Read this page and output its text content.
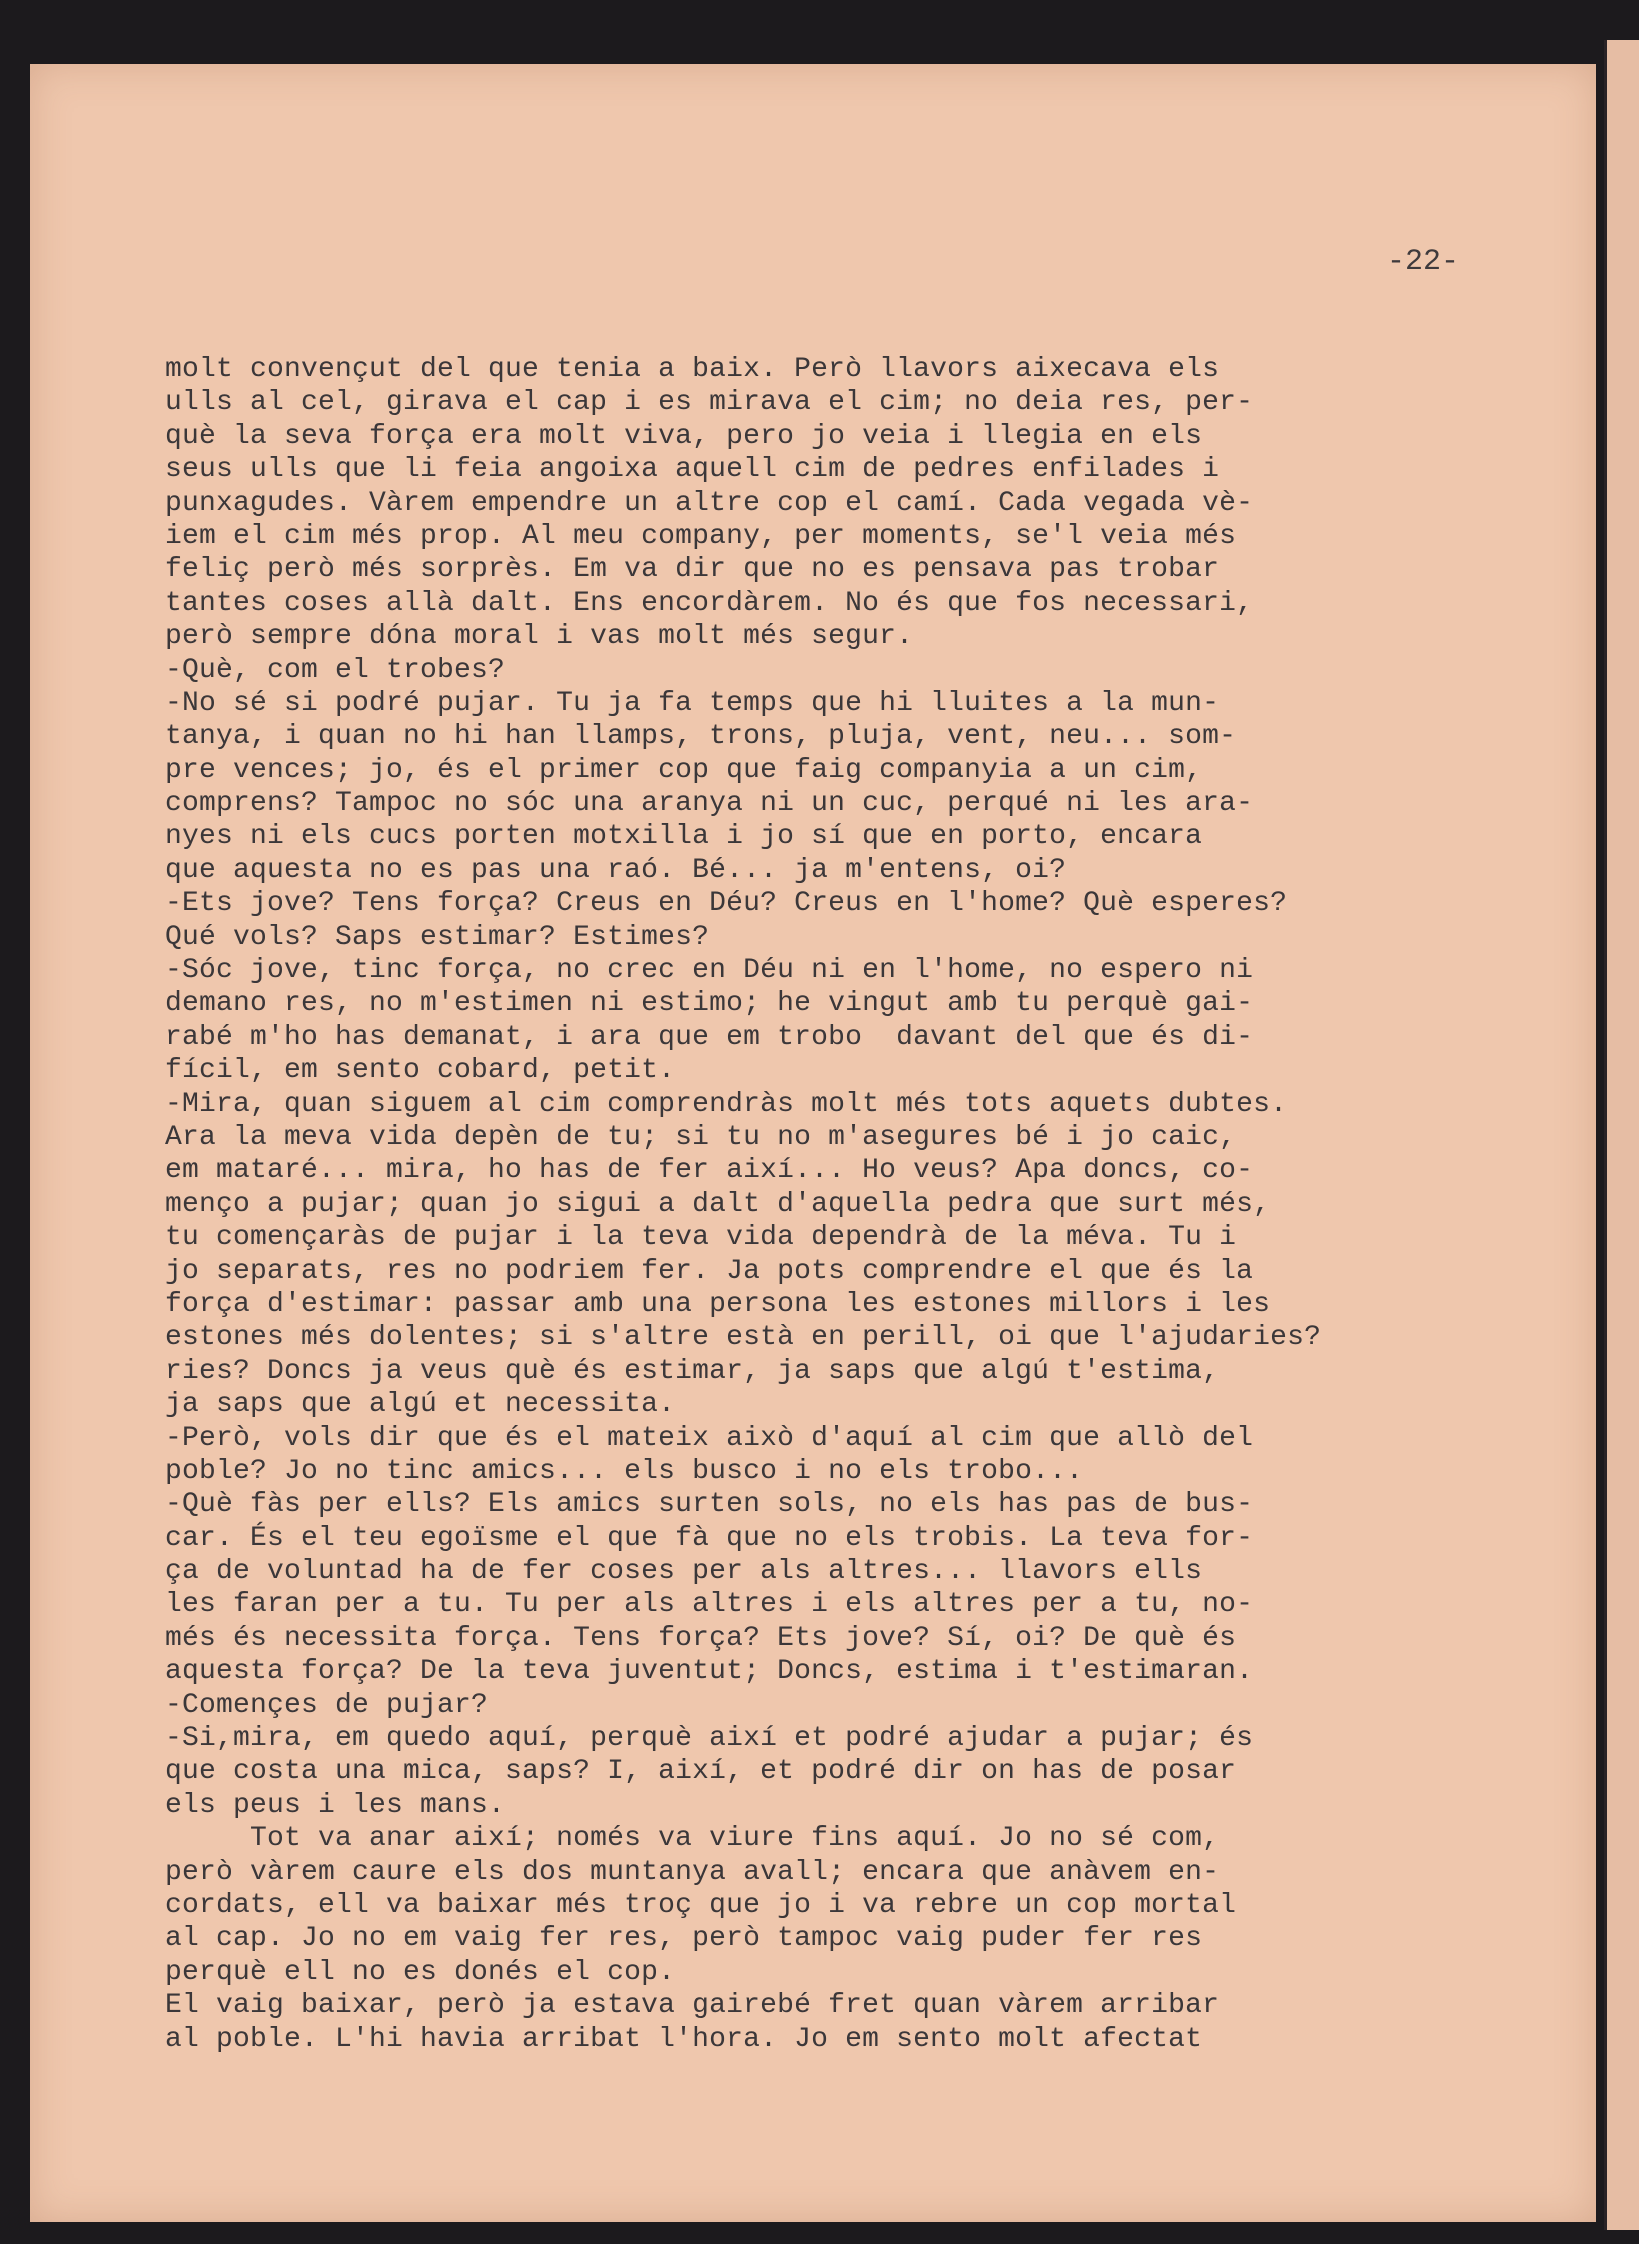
-22-

molt convençut del que tenia a baix. Però llavors aixecava els
ulls al cel, girava el cap i es mirava el cim; no deia res, per-
què la seva força era molt viva, pero jo veia i llegia en els
seus ulls que li feia angoixa aquell cim de pedres enfilades i
punxagudes. Vàrem empendre un altre cop el camí. Cada vegada vè-
iem el cim més prop. Al meu company, per moments, se'l veia més
feliç però més sorprès. Em va dir que no es pensava pas trobar
tantes coses allà dalt. Ens encordàrem. No és que fos necessari,
però sempre dóna moral i vas molt més segur.
-Què, com el trobes?
-No sé si podré pujar. Tu ja fa temps que hi lluites a la mun-
tanya, i quan no hi han llamps, trons, pluja, vent, neu... som-
pre vences; jo, és el primer cop que faig companyia a un cim,
comprens? Tampoc no sóc una aranya ni un cuc, perqué ni les ara-
nyes ni els cucs porten motxilla i jo sí que en porto, encara
que aquesta no es pas una raó. Bé... ja m'entens, oi?
-Ets jove? Tens força? Creus en Déu? Creus en l'home? Què esperes?
Qué vols? Saps estimar? Estimes?
-Sóc jove, tinc força, no crec en Déu ni en l'home, no espero ni
demano res, no m'estimen ni estimo; he vingut amb tu perquè gai-
rabé m'ho has demanat, i ara que em trobo  davant del que és di-
fícil, em sento cobard, petit.
-Mira, quan siguem al cim comprendràs molt més tots aquets dubtes.
Ara la meva vida depèn de tu; si tu no m'asegures bé i jo caic,
em mataré... mira, ho has de fer així... Ho veus? Apa doncs, co-
menço a pujar; quan jo sigui a dalt d'aquella pedra que surt més,
tu començaràs de pujar i la teva vida dependrà de la méva. Tu i
jo separats, res no podriem fer. Ja pots comprendre el que és la
força d'estimar: passar amb una persona les estones millors i les
estones més dolentes; si s'altre està en perill, oi que l'ajudaries?
ries? Doncs ja veus què és estimar, ja saps que algú t'estima,
ja saps que algú et necessita.
-Però, vols dir que és el mateix això d'aquí al cim que allò del
poble? Jo no tinc amics... els busco i no els trobo...
-Què fàs per ells? Els amics surten sols, no els has pas de bus-
car. És el teu egoïsme el que fà que no els trobis. La teva for-
ça de voluntad ha de fer coses per als altres... llavors ells
les faran per a tu. Tu per als altres i els altres per a tu, no-
més és necessita força. Tens força? Ets jove? Sí, oi? De què és
aquesta força? De la teva juventut; Doncs, estima i t'estimaran.
-Començes de pujar?
-Si,mira, em quedo aquí, perquè així et podré ajudar a pujar; és
que costa una mica, saps? I, així, et podré dir on has de posar
els peus i les mans.
Tot va anar així; només va viure fins aquí. Jo no sé com,
però vàrem caure els dos muntanya avall; encara que anàvem en-
cordats, ell va baixar més troç que jo i va rebre un cop mortal
al cap. Jo no em vaig fer res, però tampoc vaig puder fer res
perquè ell no es donés el cop.
El vaig baixar, però ja estava gairebé fret quan vàrem arribar
al poble. L'hi havia arribat l'hora. Jo em sento molt afectat
